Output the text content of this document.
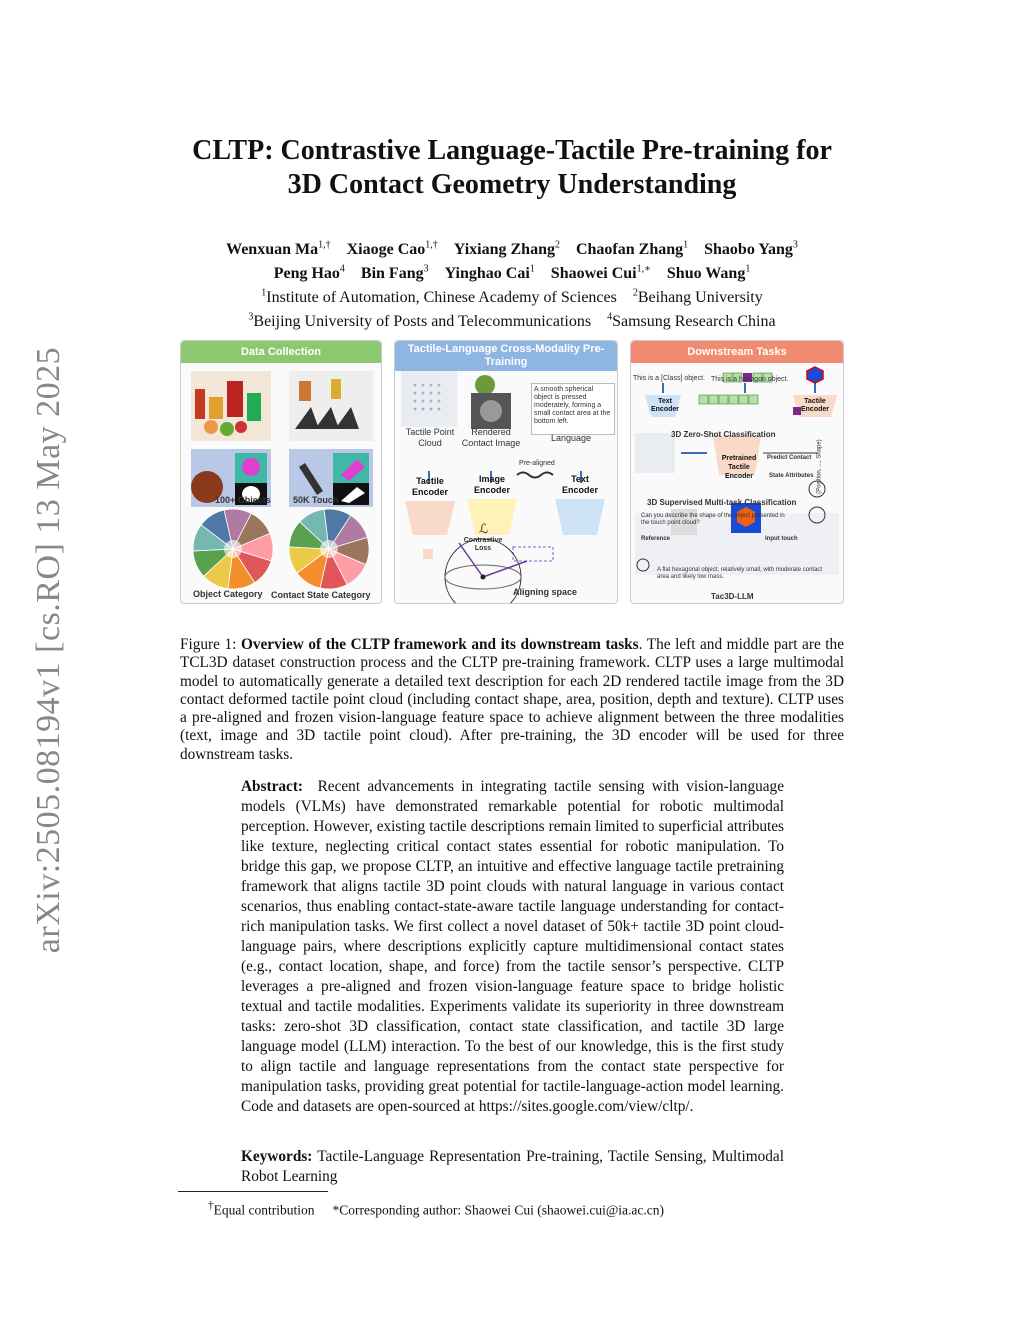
arXiv:2505.08194v1 [cs.RO] 13 May 2025
CLTP: Contrastive Language-Tactile Pre-training for
3D Contact Geometry Understanding
Wenxuan $Ma^{1,\dagger}$ Xiaoge Cao$^{1,\dagger}$ Yixiang Zhang$^2$ Chaofan Zhang$^1$ Shaobo Yang$^3$
Peng Hao$^4$ Bin Fang$^3$ Yinghao Cai$^1$ Shaowei Cui$^{1,∗}$ Shuo Wang$^1$
$^1$Institute of Automation, Chinese Academy of Sciences $^2$Beihang University
$^3$Beijing University of Posts and Telecommunications $^4$Samsung Research China
Data Collection
100+ Objects 50K Touch
Object Category Contact State Category
Tactile-Language Cross-Modality Pre-Training
A smooth spherical object is pressed moderately, forming a small contact area at the bottom left.
Tactile Point Cloud
Rendered Contact Image	Language
Pre-aligned
Tactile Encoder
Image Encoder
Text Encoder
ℒ
Contrastive Loss
Aligning space
Downstream Tasks
This is a [Class] object. This is a hexagon object.
Text Encoder
Tactile Encoder
3D Zero-Shot Classification
Pretrained Tactile Encoder
Predict Contact
State Attributes (Position, ..., Shape)
3D Supervised Multi-task Classification
Can you describe the shape of the object presented in the touch point cloud?
Reference	Input touch
A flat hexagonal object, relatively small, with moderate contact area and likely low mass.
Tac3D-LLM
Figure 1: Overview of the CLTP framework and its downstream tasks. The left and middle part are the TCL3D dataset construction process and the CLTP pre-training framework. CLTP uses a large multimodal model to automatically generate a detailed text description for each 2D rendered tactile image from the 3D contact deformed tactile point cloud (including contact shape, area, position, depth and texture). CLTP uses a pre-aligned and frozen vision-language feature space to achieve alignment between the three modalities (text, image and 3D tactile point cloud). After pre-training, the 3D encoder will be used for three downstream tasks.
Abstract: Recent advancements in integrating tactile sensing with vision-language models (VLMs) have demonstrated remarkable potential for robotic multimodal perception. However, existing tactile descriptions remain limited to superficial attributes like texture, neglecting critical contact states essential for robotic manipulation. To bridge this gap, we propose CLTP, an intuitive and effective language tactile pretraining framework that aligns tactile 3D point clouds with natural language in various contact scenarios, thus enabling contact-state-aware tactile language understanding for contact-rich manipulation tasks. We first collect a novel dataset of 50k+ tactile 3D point cloud-language pairs, where descriptions explicitly capture multidimensional contact states (e.g., contact location, shape, and force) from the tactile sensor’s perspective. CLTP leverages a pre-aligned and frozen vision-language feature space to bridge holistic textual and tactile modalities. Experiments validate its superiority in three downstream tasks: zero-shot 3D classification, contact state classification, and tactile 3D large language model (LLM) interaction. To the best of our knowledge, this is the first study to align tactile and language representations from the contact state perspective for manipulation tasks, providing great potential for tactile-language-action model learning. Code and datasets are open-sourced at https://sites.google.com/view/cltp/.
Keywords: Tactile-Language Representation Pre-training, Tactile Sensing, Multimodal Robot Learning
†Equal contribution *Corresponding author: Shaowei Cui (shaowei.cui@ia.ac.cn)
